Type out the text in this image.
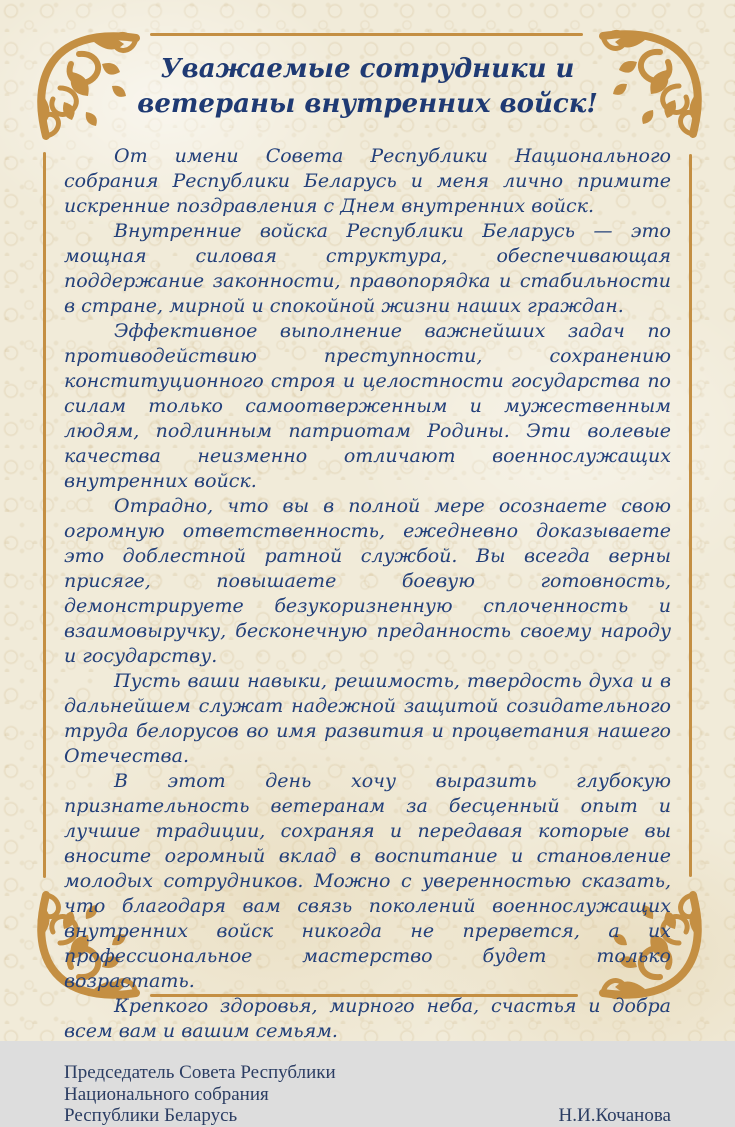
Уважаемые сотрудники и ветераны внутренних войск!

От имени Совета Республики Национального собрания Республики Беларусь и меня лично примите искренние поздравления с Днем внутренних войск.

Внутренние войска Республики Беларусь — это мощная силовая структура, обеспечивающая поддержание законности, правопорядка и стабильности в стране, мирной и спокойной жизни наших граждан.

Эффективное выполнение важнейших задач по противодействию преступности, сохранению конституционного строя и целостности государства по силам только самоотверженным и мужественным людям, подлинным патриотам Родины. Эти волевые качества неизменно отличают военнослужащих внутренних войск.

Отрадно, что вы в полной мере осознаете свою огромную ответственность, ежедневно доказываете это доблестной ратной службой. Вы всегда верны присяге, повышаете боевую готовность, демонстрируете безукоризненную сплоченность и взаимовыручку, бесконечную преданность своему народу и государству.

Пусть ваши навыки, решимость, твердость духа и в дальнейшем служат надежной защитой созидательного труда белорусов во имя развития и процветания нашего Отечества.

В этот день хочу выразить глубокую признательность ветеранам за бесценный опыт и лучшие традиции, сохраняя и передавая которые вы вносите огромный вклад в воспитание и становление молодых сотрудников. Можно с уверенностью сказать, что благодаря вам связь поколений военнослужащих внутренних войск никогда не прервется, а их профессиональное мастерство будет только возрастать.

Крепкого здоровья, мирного неба, счастья и добра всем вам и вашим семьям.

Председатель Совета Республики
Национального собрания
Республики Беларусь	Н.И.Кочанова
